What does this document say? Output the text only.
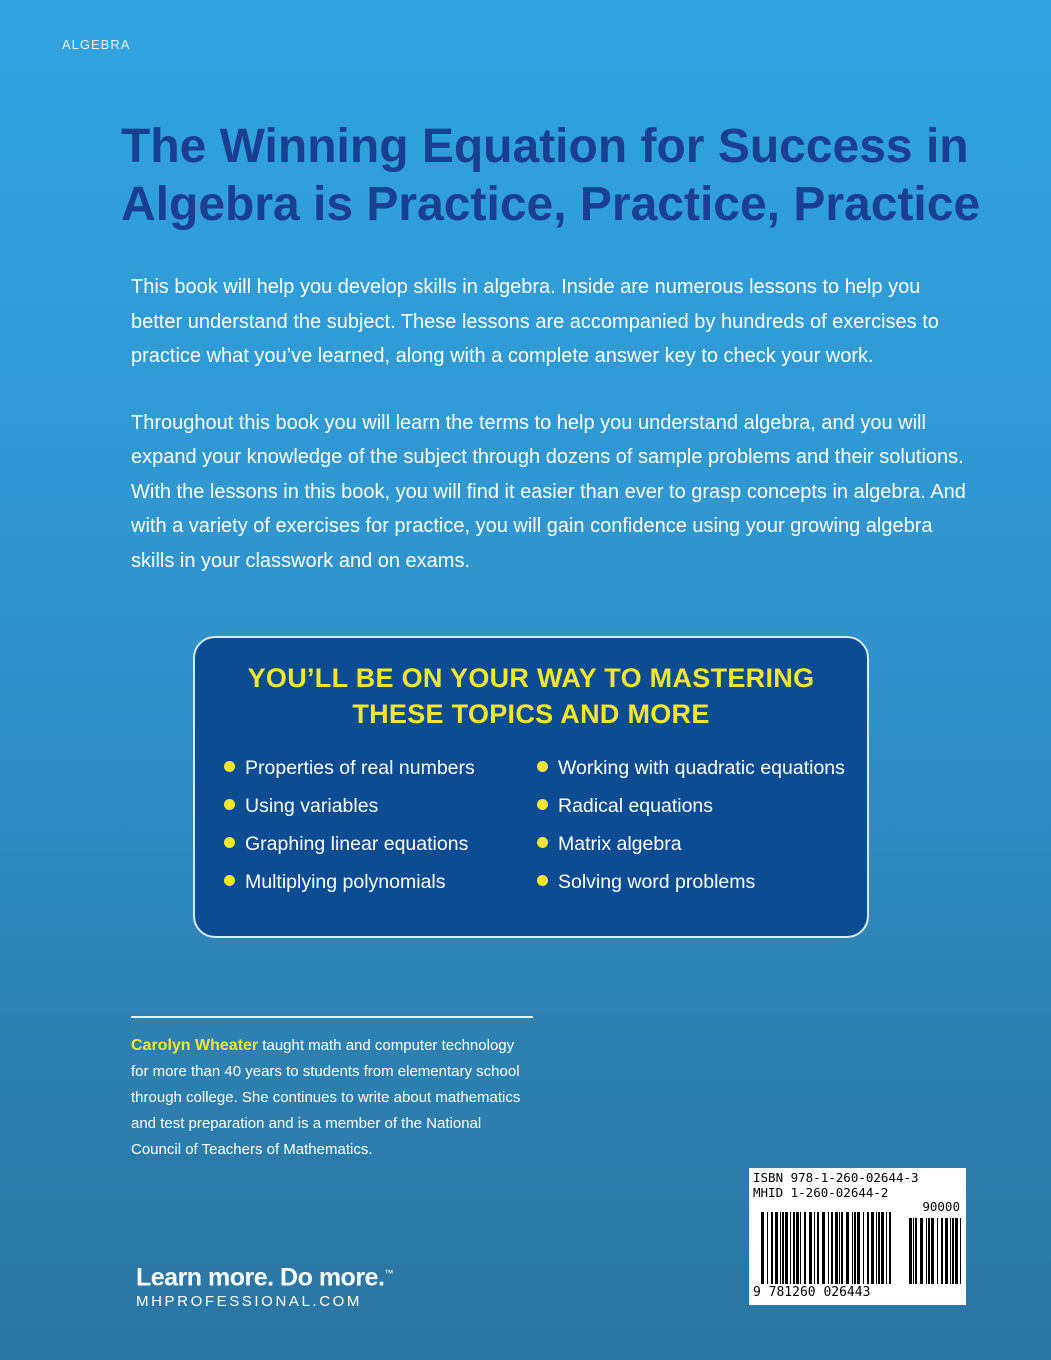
ALGEBRA
The Winning Equation for Success in
Algebra is Practice, Practice, Practice

This book will help you develop skills in algebra. Inside are numerous lessons to help you better understand the subject. These lessons are accompanied by hundreds of exercises to practice what you’ve learned, along with a complete answer key to check your work.

Throughout this book you will learn the terms to help you understand algebra, and you will expand your knowledge of the subject through dozens of sample problems and their solutions. With the lessons in this book, you will find it easier than ever to grasp concepts in algebra. And with a variety of exercises for practice, you will gain confidence using your growing algebra skills in your classwork and on exams.

YOU’LL BE ON YOUR WAY TO MASTERING
THESE TOPICS AND MORE
Properties of real numbers
Using variables
Graphing linear equations
Multiplying polynomials
Working with quadratic equations
Radical equations
Matrix algebra
Solving word problems

Carolyn Wheater taught math and computer technology
for more than 40 years to students from elementary school
through college. She continues to write about mathematics
and test preparation and is a member of the National
Council of Teachers of Mathematics.

Learn more. Do more.™
MHPROFESSIONAL.COM
ISBN 978-1-260-02644-3
MHID 1-260-02644-2
90000
9 781260 026443
